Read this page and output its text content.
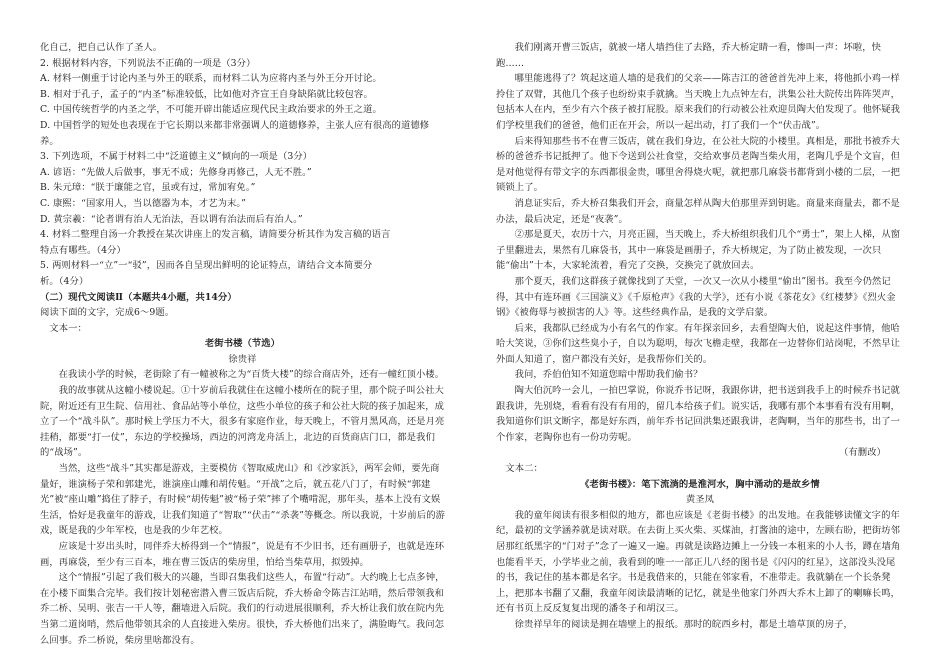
化自己，把自己认作了圣人。

2. 根据材料内容，下列说法不正确的一项是（3分）

A. 材料一侧重于讨论内圣与外王的联系，而材料二认为应将内圣与外王分开讨论。

B. 相对于孔子，孟子的“内圣”标准较低，比如他对齐宣王自身缺陷就比较包容。

C. 中国传统哲学的内圣之学，不可能开辟出能适应现代民主政治要求的外王之道。

D. 中国哲学的短处也表现在于它长期以来都非常强调人的道德修养，主张人应有很高的道德修养。

3. 下列选项，不属于材料二中“泛道德主义”倾向的一项是（3分）

A. 谚语：“先做人后做事，事无不成；先修身再修己，人无不胜。”

B. 朱元璋：“朕于廉能之官，虽或有过，常加宥免。”

C. 康熙：“国家用人，当以德器为本，才艺为末。”

D. 黄宗羲：“论者谓有治人无治法，吾以谓有治法而后有治人。”

4. 材料二整理自汤一介教授在某次讲座上的发言稿，请简要分析其作为发言稿的语言

特点有哪些。（4分）

5. 两则材料一“立”一“驳”，因而各自呈现出鲜明的论证特点，请结合文本简要分

析。（4分）

（二）现代文阅读Ⅱ（本题共4小题，共14分）

阅读下面的文字，完成6～9题。

文本一：

老街书楼（节选）

徐贵祥

在我读小学的时候，老街除了有一幢被称之为“百货大楼”的综合商店外，还有一幢红顶小楼。

我的故事就从这幢小楼说起。①十岁前后我就住在这幢小楼所在的院子里，那个院子叫公社大院，附近还有卫生院、信用社、食品站等小单位，这些小单位的孩子和公社大院的孩子加起来，成立了一个“战斗队”。那时候上学压力不大，很多有家庭作业，每天晚上，不管月黑风高，还是月亮挂稍，都要“打一仗”，东边的学校操场，西边的河湾龙舟活上，北边的百货商店门口，都是我们的“战场”。

当然，这些“战斗”其实都是游戏，主要模仿《智取威虎山》和《沙家浜》，两军会师，要先商量好，谁演杨子荣和郭建光，谁演座山雕和胡传魁。“开战”之后，就五花八门了，有时候“郭建光”被“座山雕”捣住了脖子，有时候“胡传魁”被“杨子荣”摔了个嘴啃泥，那年头，基本上没有文娱生活，恰好是我童年的游戏，让我们知道了“智取”“伏击”“杀袭”等概念。所以我说，十岁前后的游戏，既是我的少年军校，也是我的少年艺校。

应该是十岁出头时，同伴乔大桥得到一个“情报”，说是有不少旧书，还有画册子，也就是连环画，再麻袋，至少有三百本，堆在曹三饭店的柴房里，怕给当柴草用，拟毁掉。

这个“情报”引起了我们极大的兴趣，当即召集我们这些人，布置“行动”。大约晚上七点多钟，在小楼下面集合完毕。我们按计划秘密潜入曹三饭店后院，乔大桥命令陈吉江站哨，然后带领我和乔二桥、吴明、张吉一干人等，翻墙进入后院。我们的行动进展很顺利，乔大桥让我们放在院内先当第二道岗哨，然后他带领其余的人直接进入柴房。很快，乔大桥他们出来了，满脸晦气。我问怎么回事。乔二桥说，柴房里啥都没有。

我们刚离开曹三饭店，就被一堵人墙挡住了去路，乔大桥定睛一看，惨叫一声：坏啦，快跑……

哪里能逃得了？筑起这道人墙的是我们的父亲——陈吉江的爸爸首先冲上来，将他抓小鸡一样拎住了双臂，其他几个孩子也纷纷束手就擒。当天晚上九点钟左右，洪集公社大院传出阵阵哭声，包括本人在内，至少有六个孩子被打屁股。原来我们的行动被公社欢迎员陶大伯发现了。他怀疑我们学校里我们的爸爸，他们正在开会，所以一起出动，打了我们一个“伏击战”。

后来得知那些书不在曹三饭店，就在我们身边，在公社大院的小楼里。真相是，那批书被乔大桥的爸爸乔书记抵押了。他下令送到公社食堂，交给欢事员老陶当柴火用，老陶几乎是个文盲，但是对他觉得有带文字的东西都很金贵，哪里舍得烧火呢，就把那几麻袋书都背到小楼的二层，一把锁锁上了。

消息证实后，乔大桥召集我们开会，商量怎样从陶大伯那里弄到钥匙。商量来商量去，都不是办法，最后决定，还是“夜袭”。

②那是夏天，农历十六，月亮正圆，当天晚上，乔大桥组织我们几个“勇士”，架上人梯，从窗子里翻进去，果然有几麻袋书，其中一麻袋是画册子，乔大桥规定，为了防止被发现，一次只能“偷出”十本，大家轮流着，看完了交换，交换完了就放回去。

那个夏天，我们这群孩子就像找到了天堂，一次又一次从小楼里“偷出”图书。我至今仍然记得，其中有连环画《三国演义》《千原枪声》《我的大学》，还有小说《茶花女》《红楼梦》《烈火金钢》《被侮辱与被损害的人》等。这些经典作品，是我的文学启蒙。

后来，我都队已经成为小有名气的作家。有年探亲回乡，去看望陶大伯，说起这件事情，他哈哈大笑说，③你们这些臭小子，自以为聪明，每次飞檐走壁，我都在一边替你们站岗呢，不然早让外面人知道了，窗户都没有关好，是我帮你们关的。

我问，乔伯伯知不知道您暗中帮助我们偷书？

陶大伯沉吟一会儿，一拍巴掌说，你说乔书记呀，我跟你讲，把书送到我手上的时候乔书记就跟我讲，先别烧，看看有没有有用的，留几本给孩子们。说实话，我哪有那个本事看有没有用啊，我知道你们识文断字，都是好东西，前年乔书记回洪集还跟我讲，老陶啊，当年的那些书，出了一个作家，老陶你也有一份功劳呢。

（有删改）

文本二：

《老街书楼》：笔下流淌的是淮河水，胸中涌动的是故乡情

黄圣凤

我的童年阅读有很多相似的地方，都也应该是《老街书楼》的出发地。在我能够读懂文字的年纪，最初的文学涵养就是读对联。在去街上买火柴、买煤油，打酱油的途中，左顾右盼，把街坊邻居那红纸黑字的“门对子”念了一遍又一遍。再就是读路边摊上一分钱一本租来的小人书，蹲在墙角也能看半天，小学毕业之前，我看到的唯一一部正儿八经的图书是《闪闪的红星》，这部没头没尾的书，我记住的基本都是名字。书是我借来的，只能在邻家看，不准带走。我就躺在一个长条凳上，把那本书翻了又翻，我童年阅读最清晰的记忆，就是坐他家门外西大乔木上卸了的喇嘛长鸣，还有书页上反反复复出现的潘冬子和胡汉三。

徐贵祥早年的阅读是拥在墙壁上的报纸。那时的皖西乡村，都是土墙草顶的房子，
